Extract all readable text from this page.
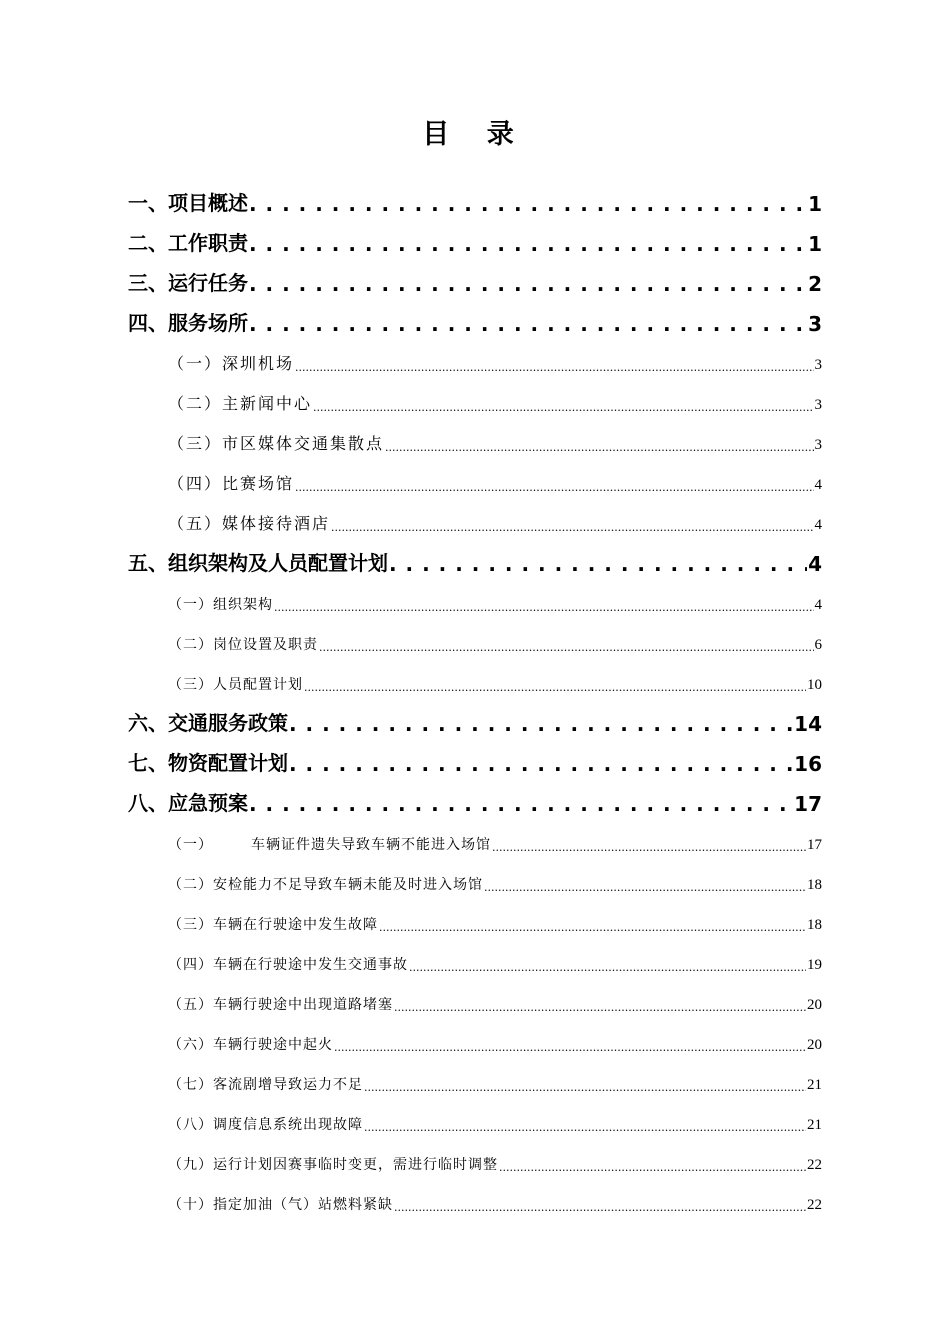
目 录
一、项目概述 . . .	1
二、工作职责 . . .	1
三、运行任务 . . .	2
四、服务场所 . . .	3
（一）深圳机场 .....	3
（二）主新闻中心 .....	3
（三）市区媒体交通集散点 .....	3
（四）比赛场馆 .....	4
（五）媒体接待酒店 .....	4
五、组织架构及人员配置计划 . . .	4
（一）组织架构 .....	4
（二）岗位设置及职责 .....	6
（三）人员配置计划 .....	10
六、交通服务政策 . . .	14
七、物资配置计划 . . .	16
八、应急预案 . . .	17
（一）	车辆证件遗失导致车辆不能进入场馆 .....	17
（二）安检能力不足导致车辆未能及时进入场馆 .....	18
（三）车辆在行驶途中发生故障 .....	18
（四）车辆在行驶途中发生交通事故 .....	19
（五）车辆行驶途中出现道路堵塞 .....	20
（六）车辆行驶途中起火 .....	20
（七）客流剧增导致运力不足 .....	21
（八）调度信息系统出现故障 .....	21
（九）运行计划因赛事临时变更，需进行临时调整 .....	22
（十）指定加油（气）站燃料紧缺 .....	22
